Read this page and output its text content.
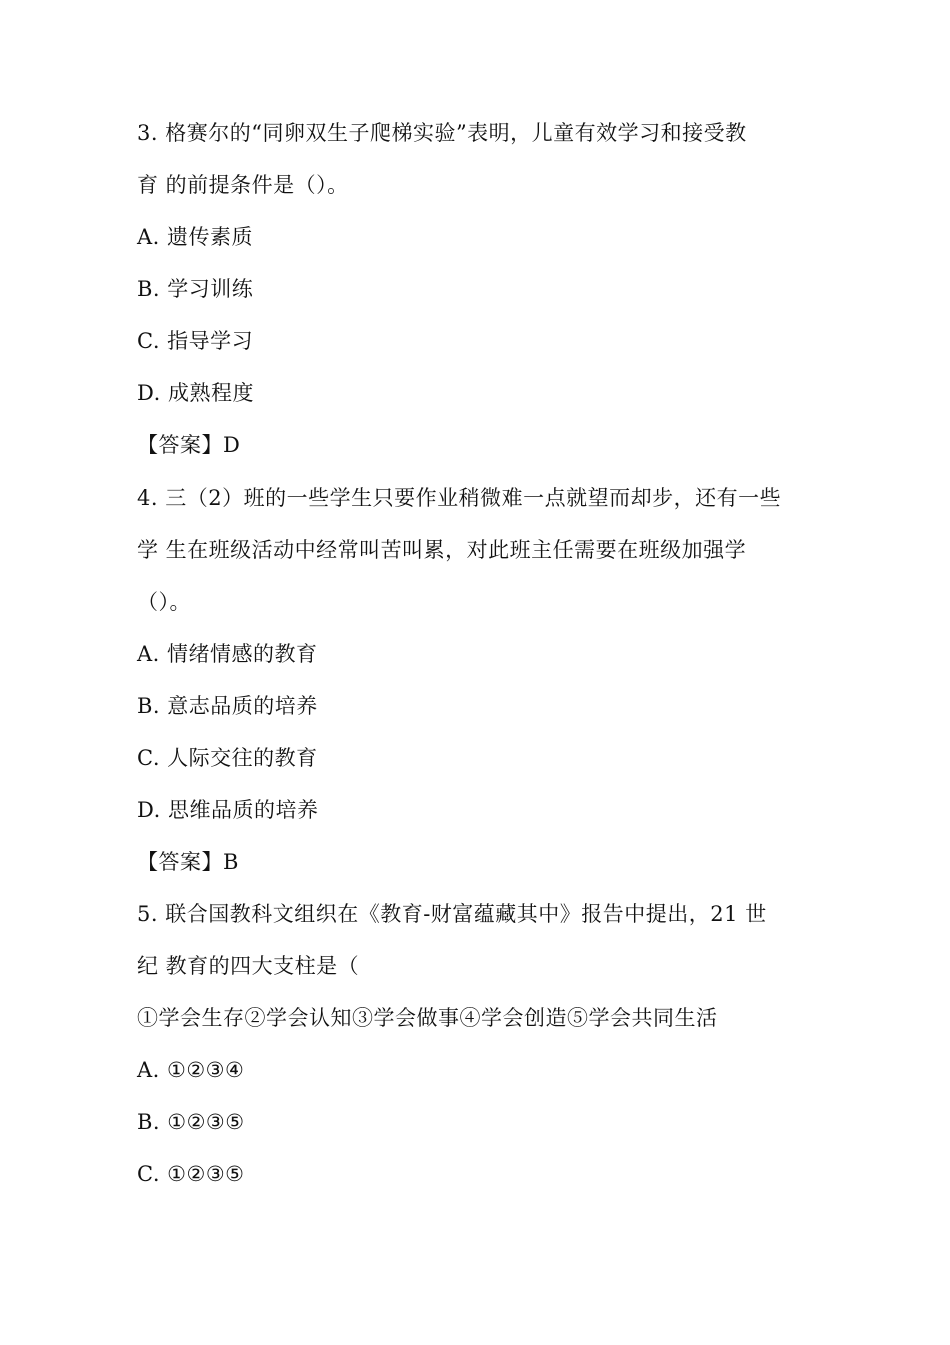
3. 格赛尔的“同卵双生子爬梯实验”表明，儿童有效学习和接受教
育 的前提条件是（）。
A. 遗传素质
B. 学习训练
C. 指导学习
D. 成熟程度
【答案】D
4. 三（2）班的一些学生只要作业稍微难一点就望而却步，还有一些
学 生在班级活动中经常叫苦叫累，对此班主任需要在班级加强学
（）。
A. 情绪情感的教育
B. 意志品质的培养
C. 人际交往的教育
D. 思维品质的培养
【答案】B
5. 联合国教科文组织在《教育-财富蕴藏其中》报告中提出，21 世
纪 教育的四大支柱是（
①学会生存②学会认知③学会做事④学会创造⑤学会共同生活
A. ①②③④
B. ①②③⑤
C. ①②③⑤
